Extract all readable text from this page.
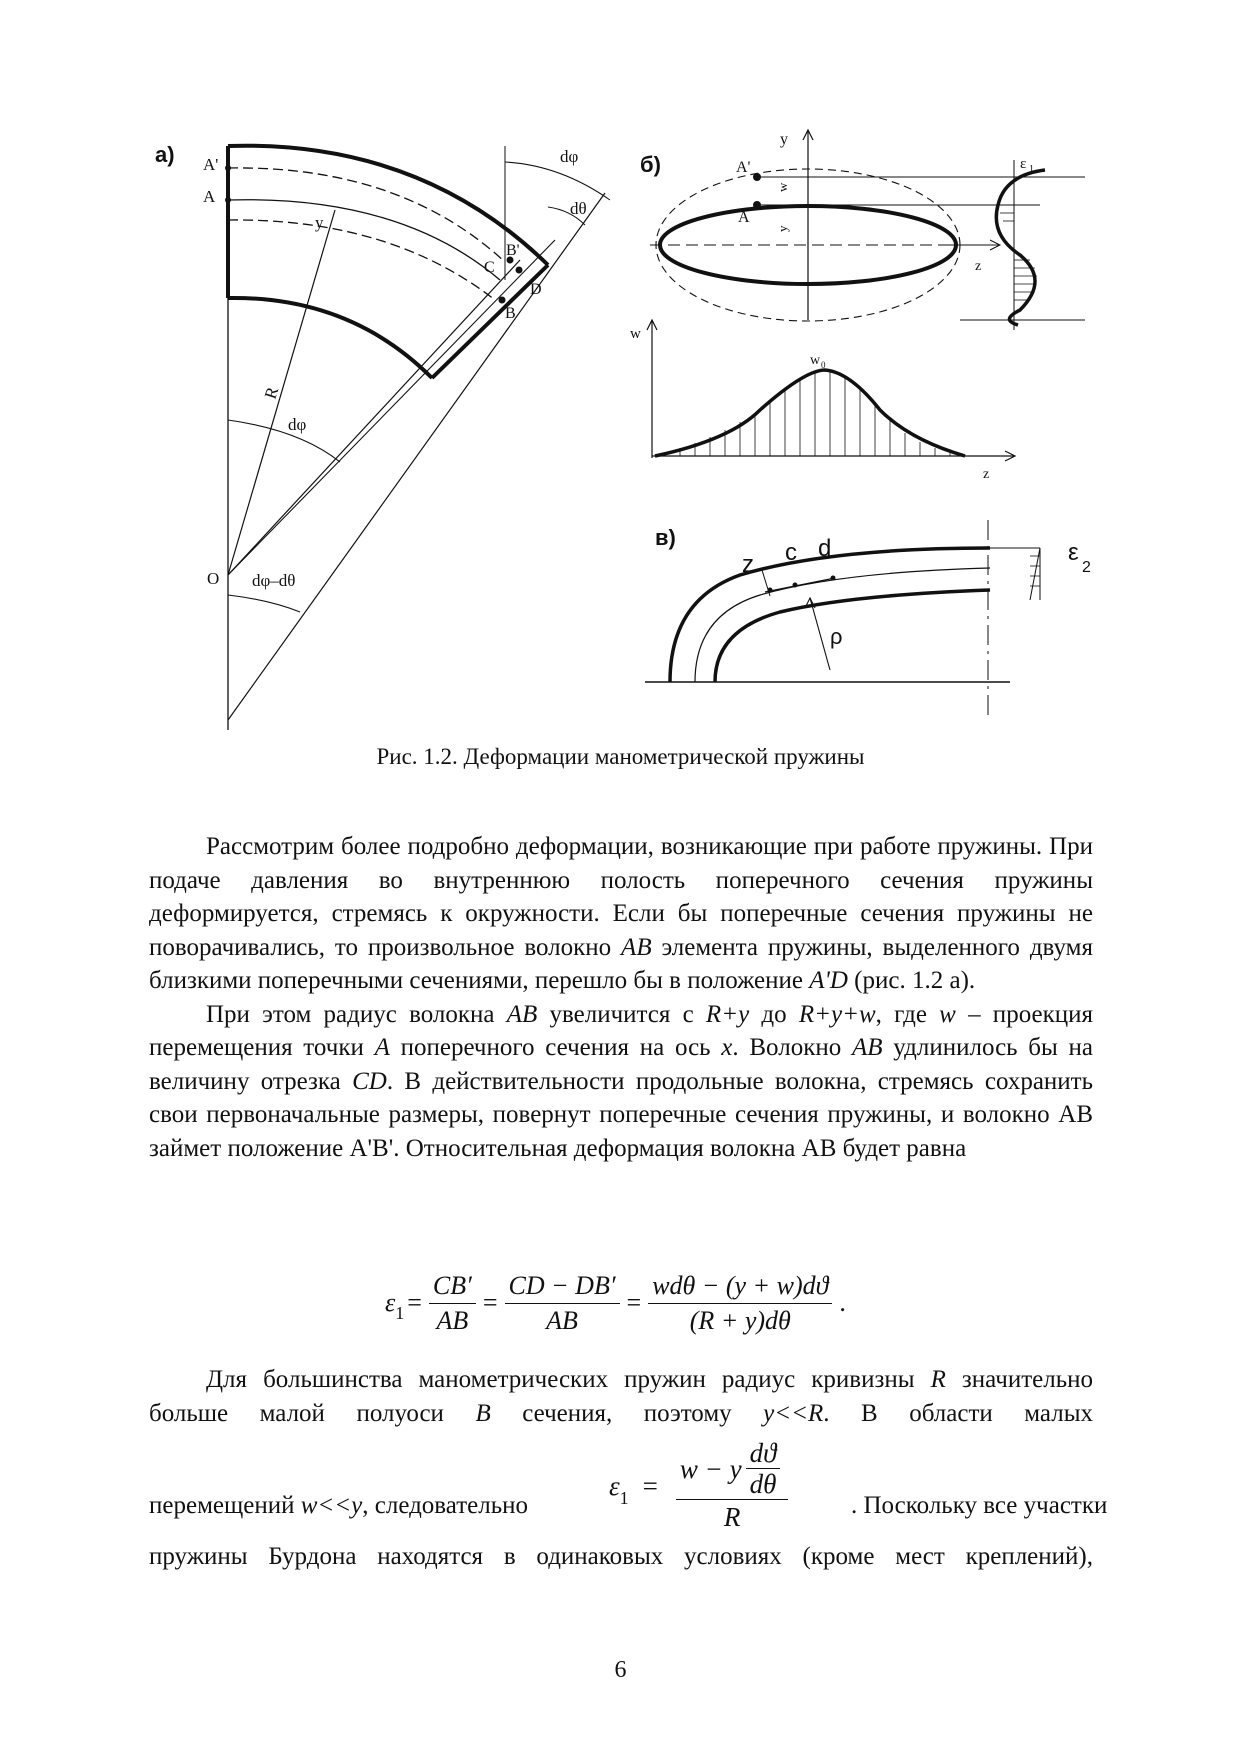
а) A'
A
y
R
dφ
dθ
B'
C
D
B
dφ
O dφ–dθ
б)
y
A'
A
w
y
z
ε 1
w
w 0
z
в)
z c d
ρ
ε
2
Рис. 1.2. Деформации манометрической пружины

Рассмотрим более подробно деформации, возникающие при работе пружины. При подаче давления во внутреннюю полость поперечного сечения пружины деформируется, стремясь к окружности. Если бы поперечные сечения пружины не поворачивались, то произвольное волокно AB элемента пружины, выделенного двумя близкими поперечными сечениями, перешло бы в положение A'D (рис. 1.2 а).

При этом радиус волокна AB увеличится с R+y до R+y+w, где w – проекция перемещения точки A поперечного сечения на ось x. Волокно AB удлинилось бы на величину отрезка CD. В действительности продольные волокна, стремясь сохранить свои первоначальные размеры, повернут поперечные сечения пружины, и волокно AB займет положение A'B'. Относительная деформация волокна AB будет равна

ε $1 = \frac{CB'}{AB} = \frac{CD - DB'}{AB} = \frac{\text{wdθ − (y + w)dϑ}}{(R + y)d\theta}$ .

Для большинства манометрических пружин радиус кривизны R значительно больше малой полуоси B сечения, поэтому y<<R. В области малых

перемещений w<<y, следовательно
ε $1 = \frac{w - y \frac{dϑ}{d\theta}}{R}$	. Поскольку все участки

пружины Бурдона находятся в одинаковых условиях (кроме мест креплений),

6
